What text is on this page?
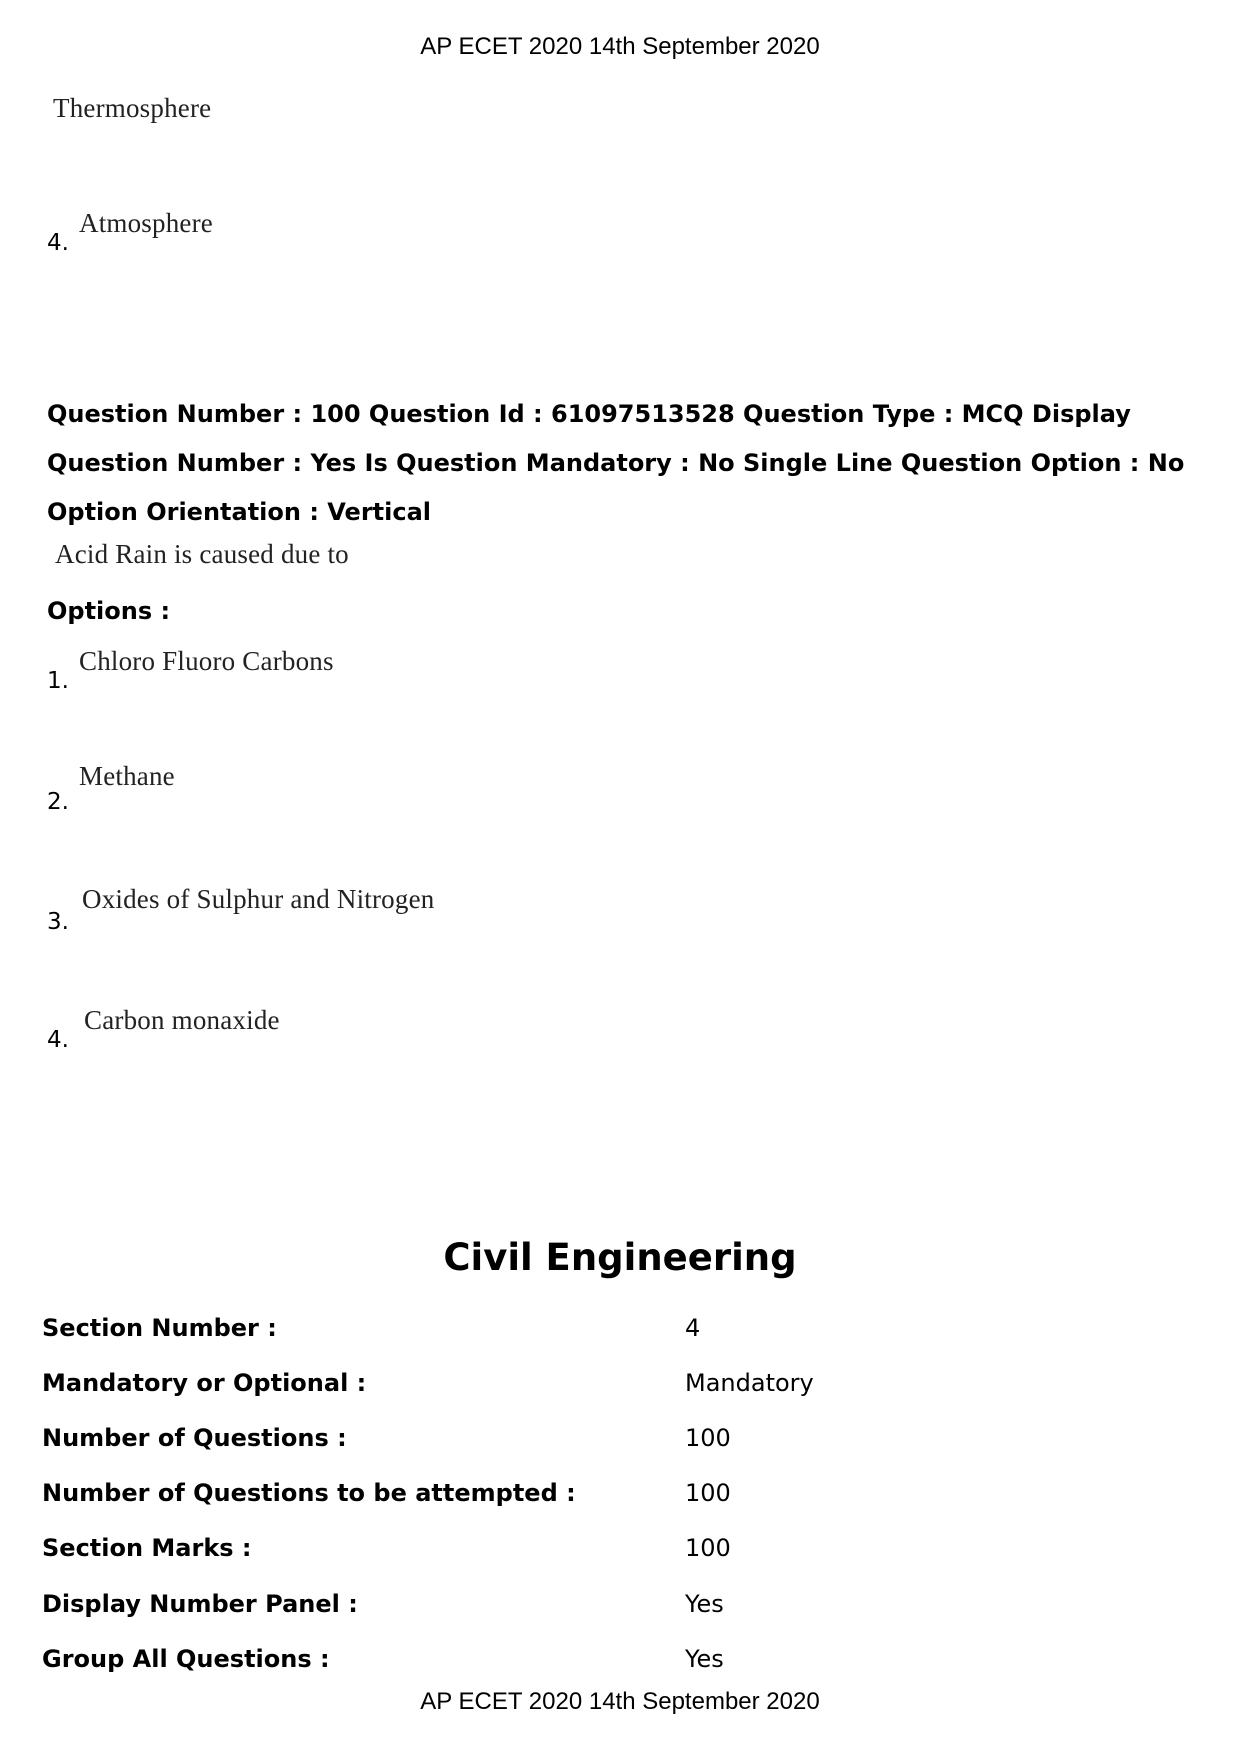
AP ECET 2020 14th September 2020
Thermosphere
4.
Atmosphere
Question Number : 100 Question Id : 61097513528 Question Type : MCQ Display Question Number : Yes Is Question Mandatory : No Single Line Question Option : No Option Orientation : Vertical
Acid Rain is caused due to
Options :
1.
Chloro Fluoro Carbons
2.
Methane
3.
Oxides of Sulphur and Nitrogen
4.
Carbon monaxide
Civil Engineering
Section Number :	4
Mandatory or Optional :	Mandatory
Number of Questions :	100
Number of Questions to be attempted :	100
Section Marks :	100
Display Number Panel :	Yes
Group All Questions :	Yes
AP ECET 2020 14th September 2020
